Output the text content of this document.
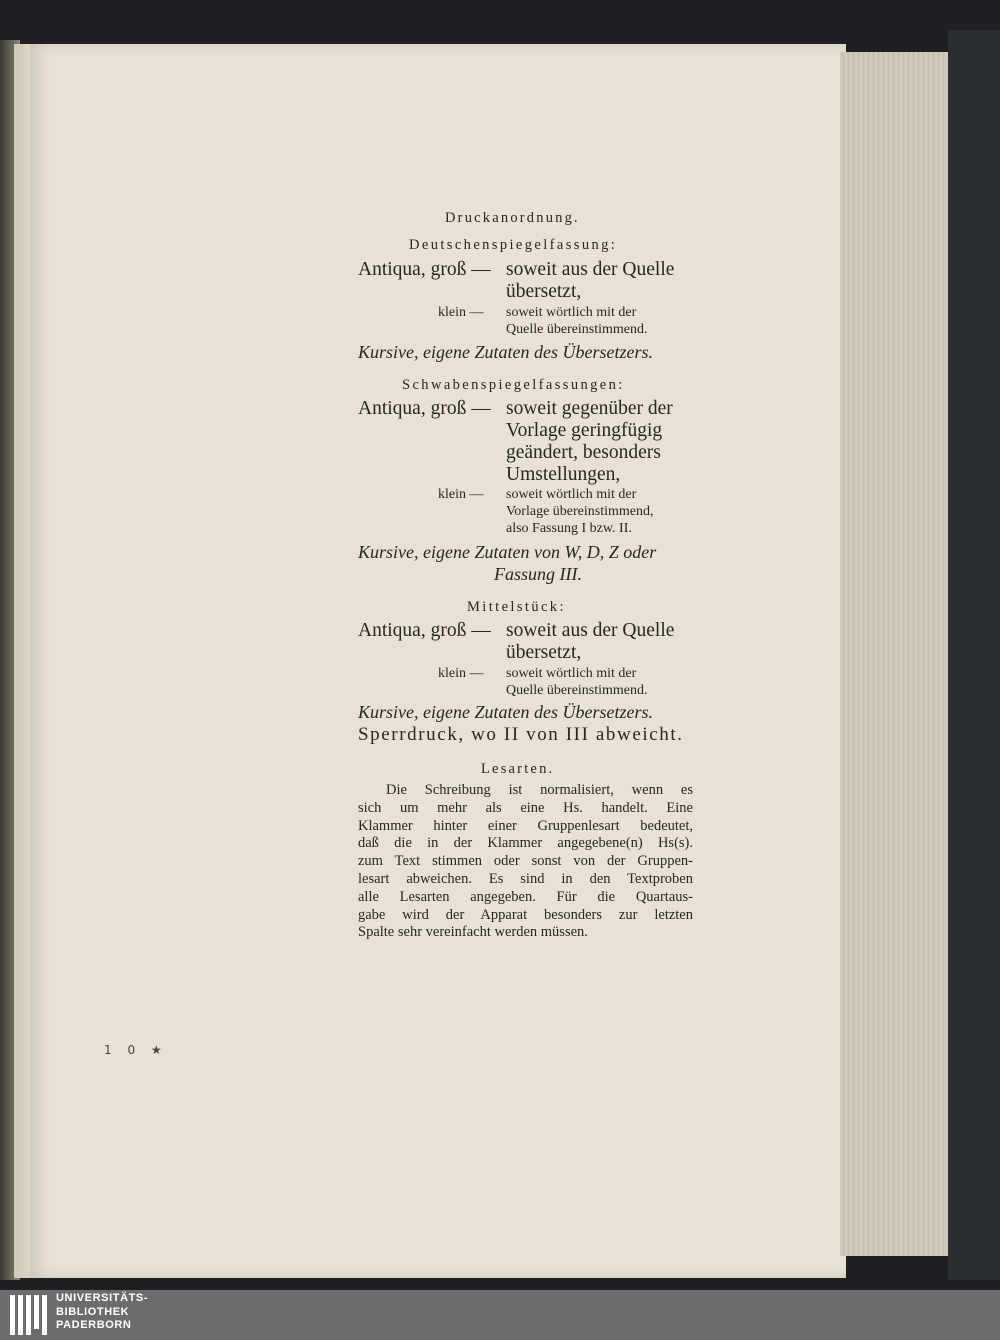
Druckanordnung.
Deutschenspiegelfassung:
Antiqua, groß — soweit aus der Quelle
übersetzt,
klein — soweit wörtlich mit der
Quelle übereinstimmend.
Kursive, eigene Zutaten des Übersetzers.
Schwabenspiegelfassungen:
Antiqua, groß — soweit gegenüber der
Vorlage geringfügig
geändert, besonders
Umstellungen,
klein — soweit wörtlich mit der
Vorlage übereinstimmend,
also Fassung I bzw. II.
Kursive, eigene Zutaten von W, D, Z oder
Fassung III.
Mittelstück:
Antiqua, groß — soweit aus der Quelle
übersetzt,
klein — soweit wörtlich mit der
Quelle übereinstimmend.
Kursive, eigene Zutaten des Übersetzers.
Sperrdruck, wo II von III abweicht.
Lesarten.
Die Schreibung ist normalisiert, wenn es
sich um mehr als eine Hs. handelt. Eine
Klammer hinter einer Gruppenlesart bedeutet,
daß die in der Klammer angegebene(n) Hs(s).
zum Text stimmen oder sonst von der Gruppen-
lesart abweichen. Es sind in den Textproben
alle Lesarten angegeben. Für die Quartaus-
gabe wird der Apparat besonders zur letzten
Spalte sehr vereinfacht werden müssen.
1 0 ★
UNIVERSITÄTS-
BIBLIOTHEK
PADERBORN
